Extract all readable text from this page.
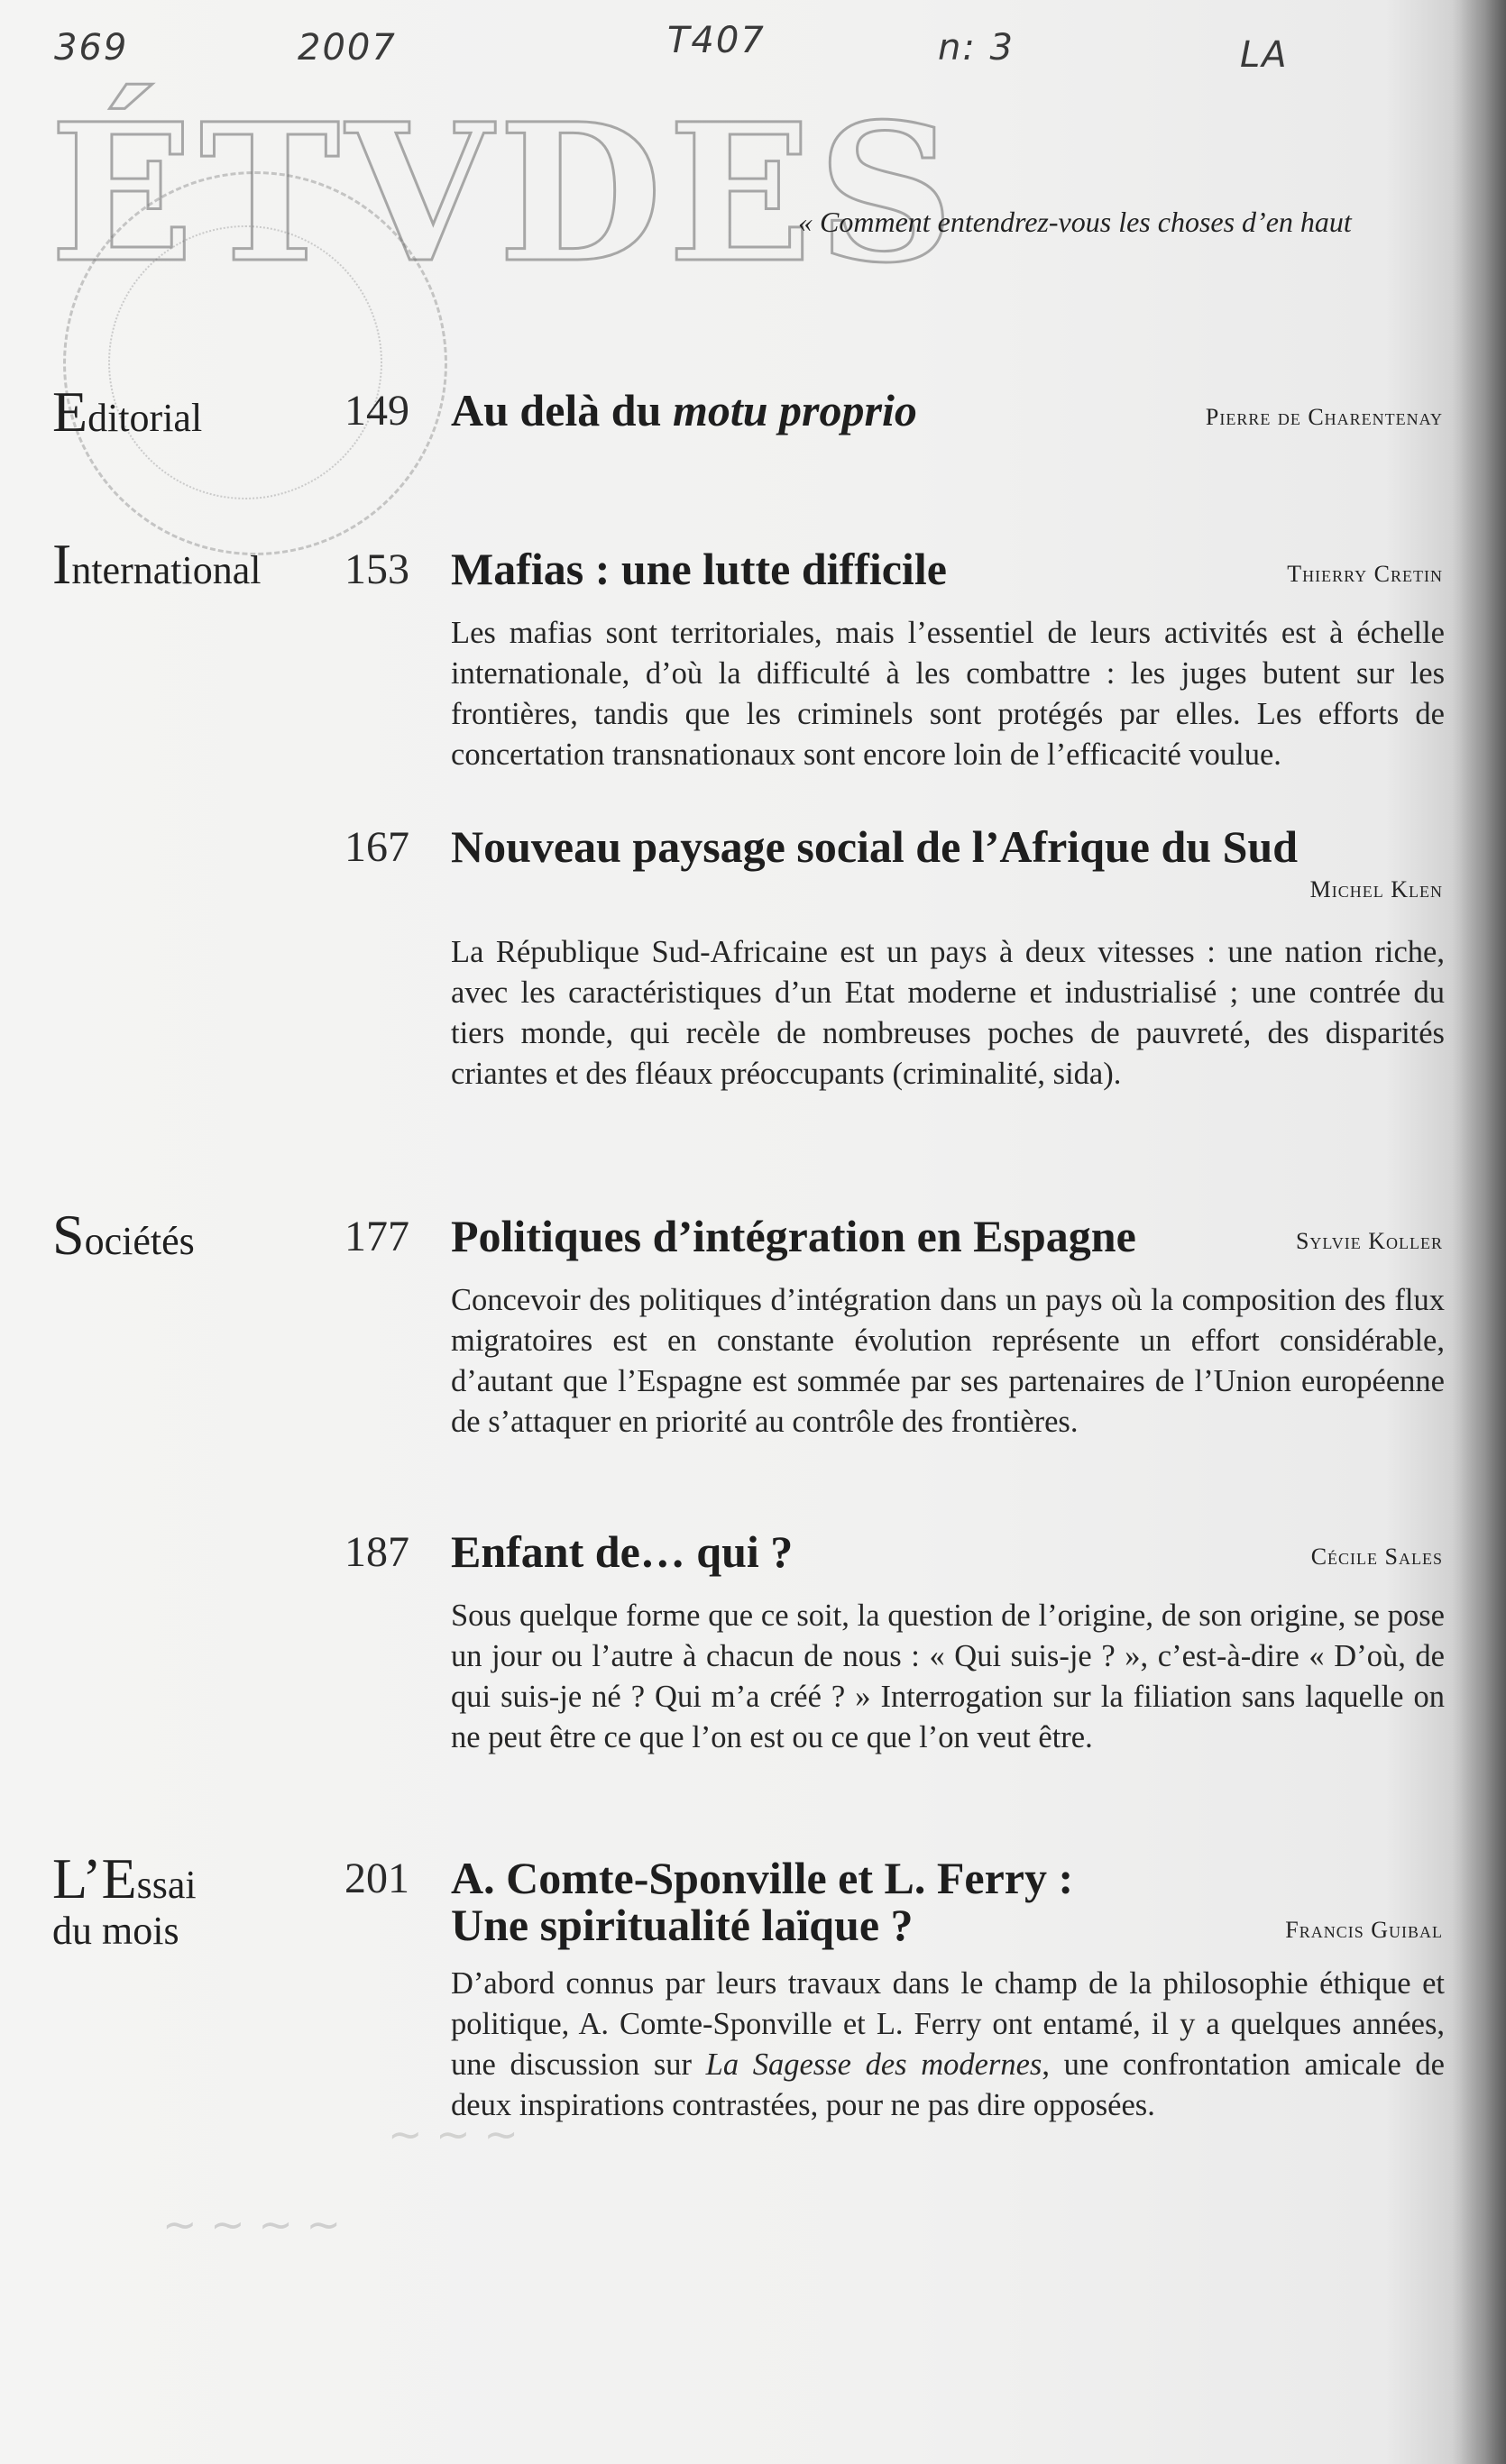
369	2007	T407	n: 3	LA
ÉTVDES
« Comment entendrez-vous les choses d’en haut
Editorial	149 Au delà du motu proprio	Pierre de Charentenay
International 153 Mafias : une lutte difficile	Thierry Cretin
Les mafias sont territoriales, mais l’essentiel de leurs activités est à échelle internationale, d’où la difficulté à les combattre : les juges butent sur les frontières, tandis que les criminels sont protégés par elles. Les efforts de concertation transnationaux sont encore loin de l’efficacité voulue.
167 Nouveau paysage social de l’Afrique du Sud
Michel Klen
La République Sud-Africaine est un pays à deux vitesses : une nation riche, avec les caractéristiques d’un Etat moderne et industrialisé ; une contrée du tiers monde, qui recèle de nombreuses poches de pauvreté, des disparités criantes et des fléaux préoccupants (criminalité, sida).
Sociétés	177 Politiques d’intégration en Espagne	Sylvie Koller
Concevoir des politiques d’intégration dans un pays où la composition des flux migratoires est en constante évolution représente un effort considérable, d’autant que l’Espagne est sommée par ses partenaires de l’Union européenne de s’attaquer en priorité au contrôle des frontières.
187 Enfant de… qui ?	Cécile Sales
Sous quelque forme que ce soit, la question de l’origine, de son origine, se pose un jour ou l’autre à chacun de nous : « Qui suis-je ? », c’est-à-dire « D’où, de qui suis-je né ? Qui m’a créé ? » Interrogation sur la filiation sans laquelle on ne peut être ce que l’on est ou ce que l’on veut être.
L’Essai
du mois
201 A. Comte-Sponville et L. Ferry :
Une spiritualité laïque ?	Francis Guibal
D’abord connus par leurs travaux dans le champ de la philosophie éthique et politique, A. Comte-Sponville et L. Ferry ont entamé, il y a quelques années, une discussion sur La Sagesse des modernes, une confrontation amicale de deux inspirations contrastées, pour ne pas dire opposées.
~ ~ ~ ~
~ ~ ~
